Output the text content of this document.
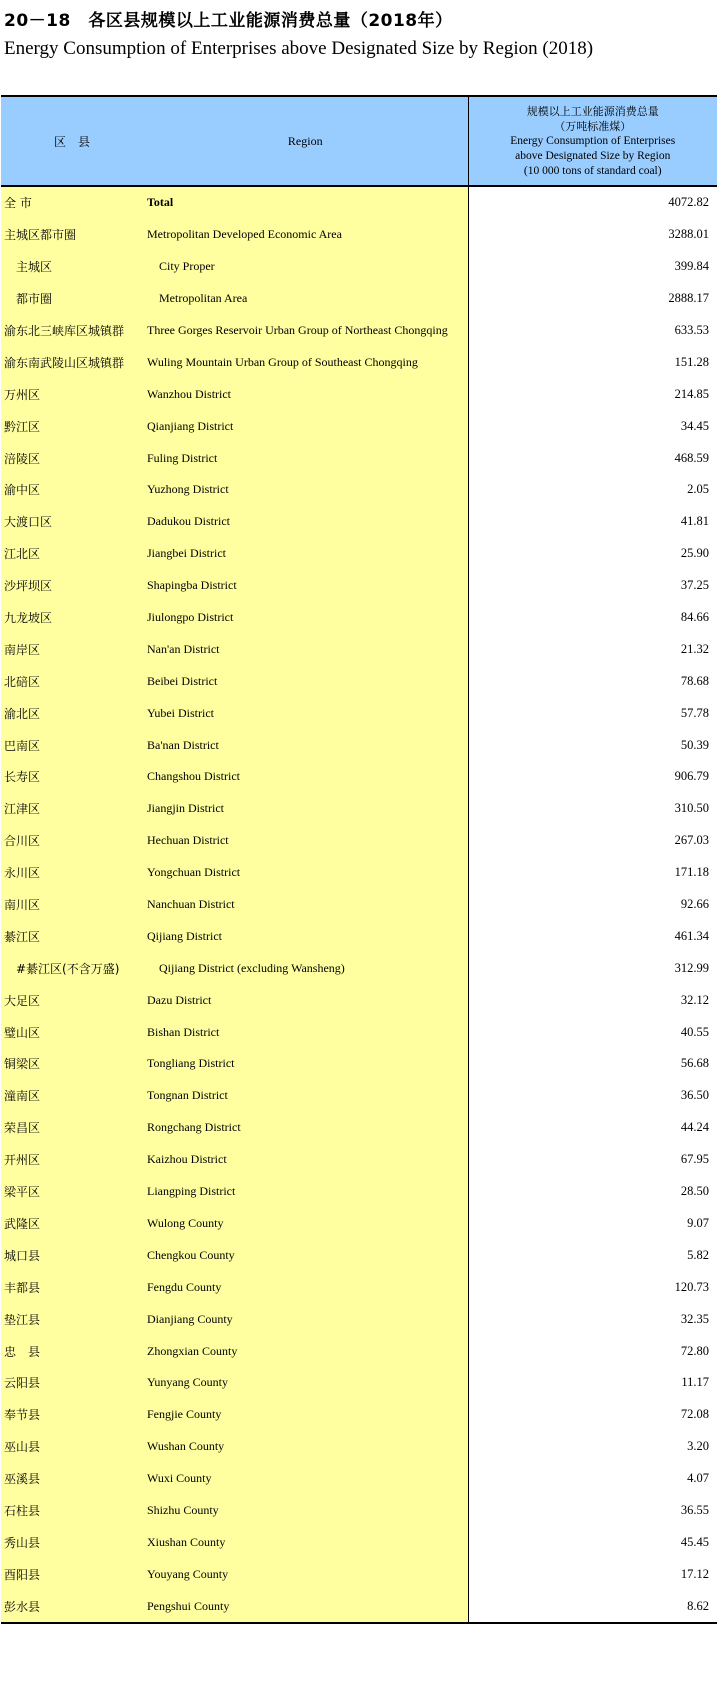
20－18　各区县规模以上工业能源消费总量（2018年）
Energy Consumption of Enterprises above Designated Size by Region (2018)
区　县	Region	规模以上工业能源消费总量
（万吨标准煤）
Energy Consumption of Enterprises
above Designated Size by Region
(10 000 tons of standard coal)

全 市	Total	4072.82
主城区都市圈	Metropolitan Developed Economic Area	3288.01
主城区	City Proper	399.84
都市圈	Metropolitan Area	2888.17
渝东北三峡库区城镇群	Three Gorges Reservoir Urban Group of Northeast Chongqing	633.53
渝东南武陵山区城镇群	Wuling Mountain Urban Group of Southeast Chongqing	151.28
万州区	Wanzhou District	214.85
黔江区	Qianjiang District	34.45
涪陵区	Fuling District	468.59
渝中区	Yuzhong District	2.05
大渡口区	Dadukou District	41.81
江北区	Jiangbei District	25.90
沙坪坝区	Shapingba District	37.25
九龙坡区	Jiulongpo District	84.66
南岸区	Nan'an District	21.32
北碚区	Beibei District	78.68
渝北区	Yubei District	57.78
巴南区	Ba'nan District	50.39
长寿区	Changshou District	906.79
江津区	Jiangjin District	310.50
合川区	Hechuan District	267.03
永川区	Yongchuan District	171.18
南川区	Nanchuan District	92.66
綦江区	Qijiang District	461.34
#綦江区(不含万盛)	Qijiang District (excluding Wansheng)	312.99
大足区	Dazu District	32.12
璧山区	Bishan District	40.55
铜梁区	Tongliang District	56.68
潼南区	Tongnan District	36.50
荣昌区	Rongchang District	44.24
开州区	Kaizhou District	67.95
梁平区	Liangping District	28.50
武隆区	Wulong County	9.07
城口县	Chengkou County	5.82
丰都县	Fengdu County	120.73
垫江县	Dianjiang County	32.35
忠　县	Zhongxian County	72.80
云阳县	Yunyang County	11.17
奉节县	Fengjie County	72.08
巫山县	Wushan County	3.20
巫溪县	Wuxi County	4.07
石柱县	Shizhu County	36.55
秀山县	Xiushan County	45.45
酉阳县	Youyang County	17.12
彭水县	Pengshui County	8.62
